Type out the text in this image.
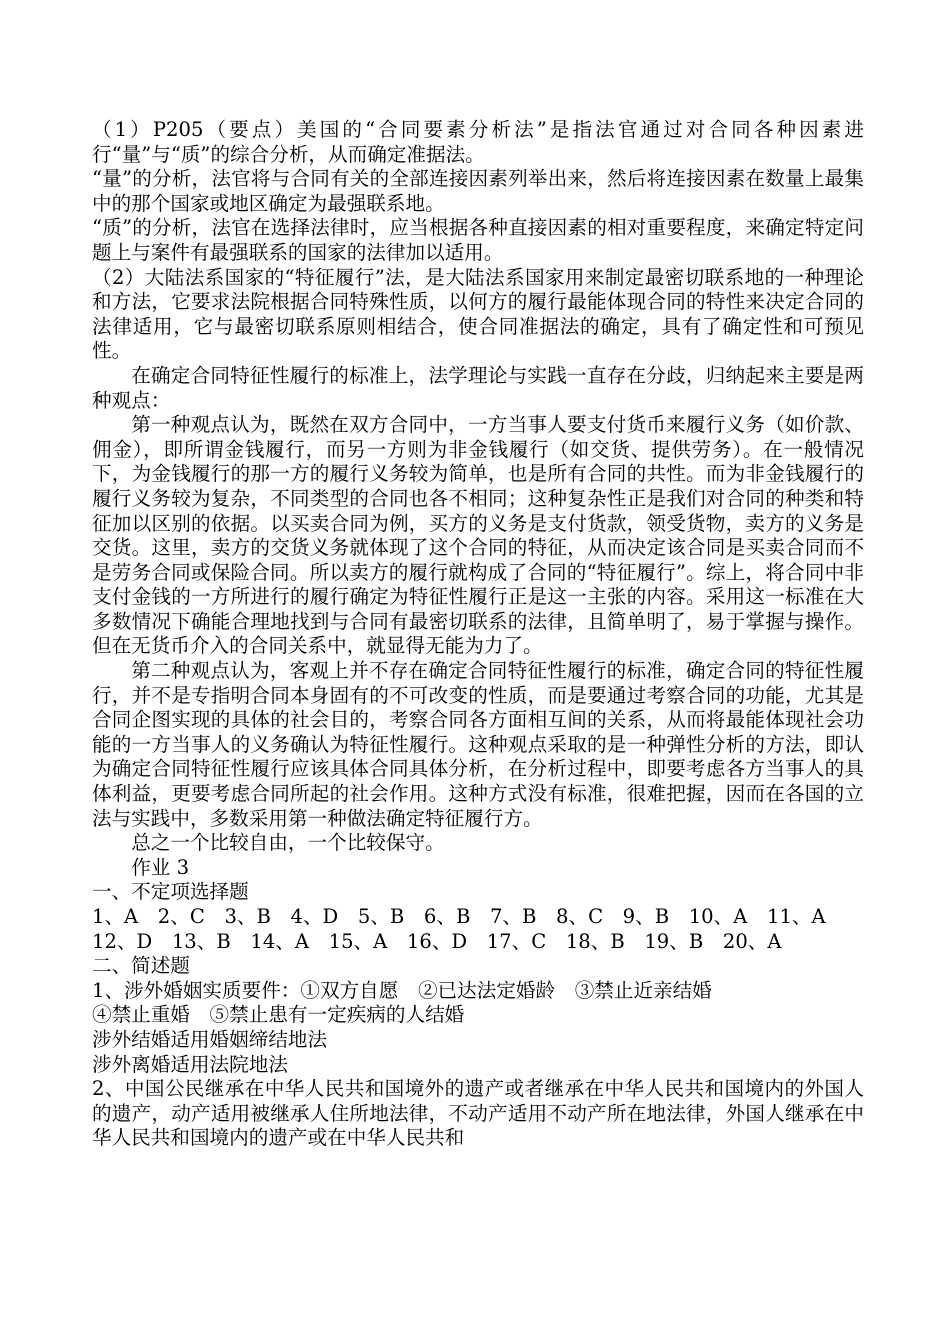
（1）P205（要点）美国的“合同要素分析法”是指法官通过对合同各种因素进行“量”与“质”的综合分析，从而确定准据法。

“量”的分析，法官将与合同有关的全部连接因素列举出来，然后将连接因素在数量上最集中的那个国家或地区确定为最强联系地。

“质”的分析，法官在选择法律时，应当根据各种直接因素的相对重要程度，来确定特定问题上与案件有最强联系的国家的法律加以适用。

（2）大陆法系国家的“特征履行”法，是大陆法系国家用来制定最密切联系地的一种理论和方法，它要求法院根据合同特殊性质，以何方的履行最能体现合同的特性来决定合同的法律适用，它与最密切联系原则相结合，使合同准据法的确定，具有了确定性和可预见性。

在确定合同特征性履行的标准上，法学理论与实践一直存在分歧，归纳起来主要是两种观点：

第一种观点认为，既然在双方合同中，一方当事人要支付货币来履行义务（如价款、佣金），即所谓金钱履行，而另一方则为非金钱履行（如交货、提供劳务）。在一般情况下，为金钱履行的那一方的履行义务较为简单，也是所有合同的共性。而为非金钱履行的履行义务较为复杂，不同类型的合同也各不相同；这种复杂性正是我们对合同的种类和特征加以区别的依据。以买卖合同为例，买方的义务是支付货款，领受货物，卖方的义务是交货。这里，卖方的交货义务就体现了这个合同的特征，从而决定该合同是买卖合同而不是劳务合同或保险合同。所以卖方的履行就构成了合同的“特征履行”。综上，将合同中非支付金钱的一方所进行的履行确定为特征性履行正是这一主张的内容。采用这一标准在大多数情况下确能合理地找到与合同有最密切联系的法律，且简单明了，易于掌握与操作。但在无货币介入的合同关系中，就显得无能为力了。

第二种观点认为，客观上并不存在确定合同特征性履行的标准，确定合同的特征性履行，并不是专指明合同本身固有的不可改变的性质，而是要通过考察合同的功能，尤其是合同企图实现的具体的社会目的，考察合同各方面相互间的关系，从而将最能体现社会功能的一方当事人的义务确认为特征性履行。这种观点采取的是一种弹性分析的方法，即认为确定合同特征性履行应该具体合同具体分析，在分析过程中，即要考虑各方当事人的具体利益，更要考虑合同所起的社会作用。这种方式没有标准，很难把握，因而在各国的立法与实践中，多数采用第一种做法确定特征履行方。

总之一个比较自由，一个比较保守。

作业 3

一、不定项选择题

1、A　2、C　3、B　4、D　5、B　6、B　7、B　8、C　9、B　10、A　11、A

12、D　13、B　14、A　15、A　16、D　17、C　18、B　19、B　20、A

二、简述题

1、涉外婚姻实质要件：①双方自愿　②已达法定婚龄　③禁止近亲结婚

④禁止重婚　⑤禁止患有一定疾病的人结婚

涉外结婚适用婚姻缔结地法

涉外离婚适用法院地法

2、中国公民继承在中华人民共和国境外的遗产或者继承在中华人民共和国境内的外国人的遗产，动产适用被继承人住所地法律，不动产适用不动产所在地法律，外国人继承在中华人民共和国境内的遗产或在中华人民共和
